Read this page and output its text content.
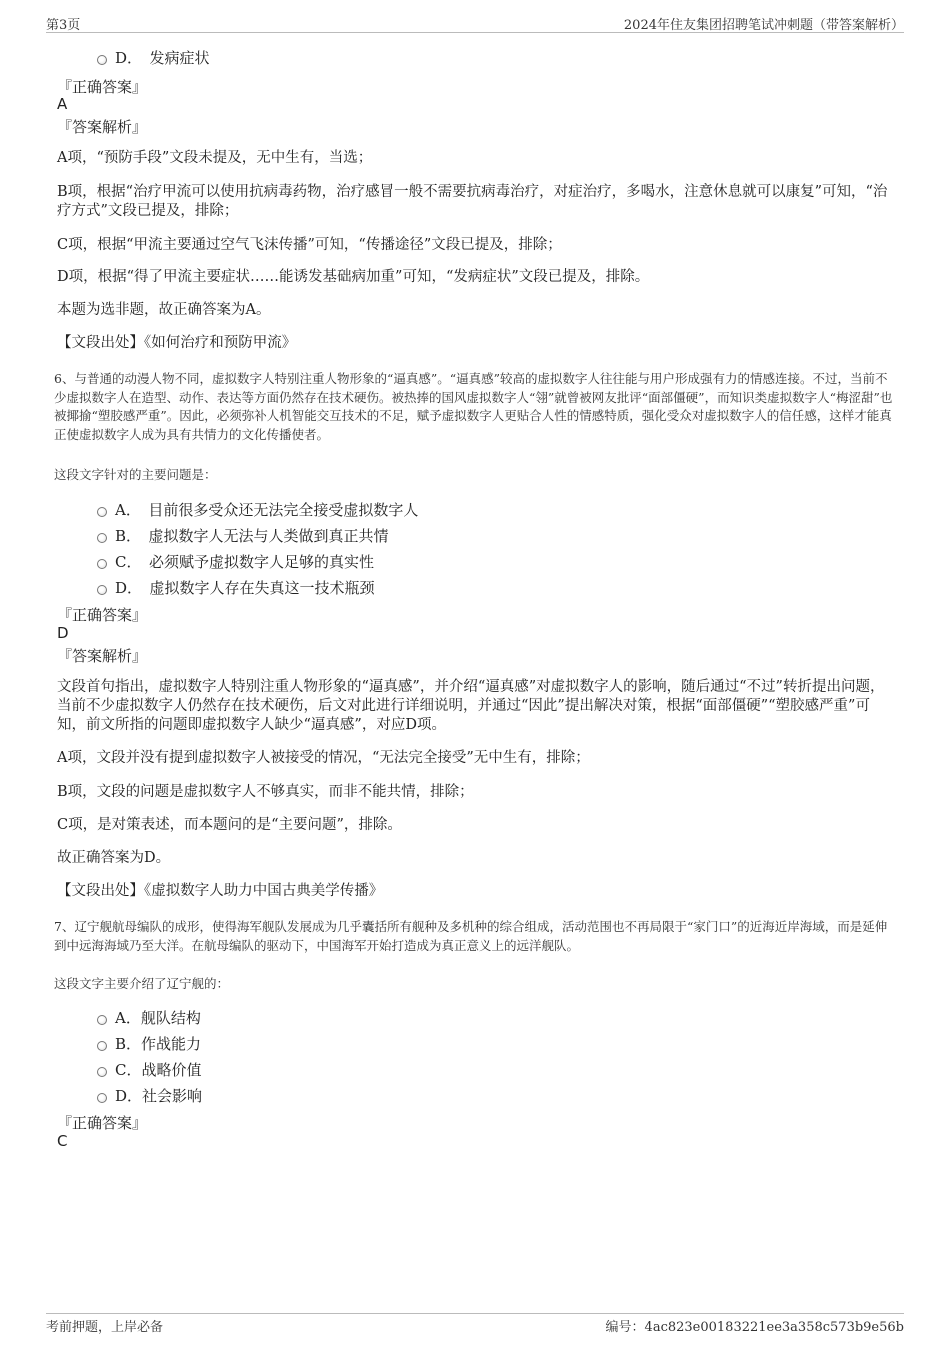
第3页	2024年住友集团招聘笔试冲刺题（带答案解析）
D．　发病症状
『正确答案』
A
『答案解析』
A项，“预防手段”文段未提及，无中生有，当选；
B项，根据“治疗甲流可以使用抗病毒药物，治疗感冒一般不需要抗病毒治疗，对症治疗，多喝水，注意休息就可以康复”可知，“治疗方式”文段已提及，排除；
C项，根据“甲流主要通过空气飞沫传播”可知，“传播途径”文段已提及，排除；
D项，根据“得了甲流主要症状……能诱发基础病加重”可知，“发病症状”文段已提及，排除。
本题为选非题，故正确答案为A。
【文段出处】《如何治疗和预防甲流》
6、与普通的动漫人物不同，虚拟数字人特别注重人物形象的“逼真感”。“逼真感”较高的虚拟数字人往往能与用户形成强有力的情感连接。不过，当前不少虚拟数字人在造型、动作、表达等方面仍然存在技术硬伤。被热捧的国风虚拟数字人“翎”就曾被网友批评“面部僵硬”，而知识类虚拟数字人“梅涩甜”也被揶揄“塑胶感严重”。因此，必须弥补人机智能交互技术的不足，赋予虚拟数字人更贴合人性的情感特质，强化受众对虚拟数字人的信任感，这样才能真正使虚拟数字人成为具有共情力的文化传播使者。
这段文字针对的主要问题是：
A．　目前很多受众还无法完全接受虚拟数字人
B．　虚拟数字人无法与人类做到真正共情
C．　必须赋予虚拟数字人足够的真实性
D．　虚拟数字人存在失真这一技术瓶颈
『正确答案』
D
『答案解析』
文段首句指出，虚拟数字人特别注重人物形象的“逼真感”，并介绍“逼真感”对虚拟数字人的影响，随后通过“不过”转折提出问题，当前不少虚拟数字人仍然存在技术硬伤，后文对此进行详细说明，并通过“因此”提出解决对策，根据“面部僵硬”“塑胶感严重”可知，前文所指的问题即虚拟数字人缺少“逼真感”，对应D项。
A项，文段并没有提到虚拟数字人被接受的情况，“无法完全接受”无中生有，排除；
B项，文段的问题是虚拟数字人不够真实，而非不能共情，排除；
C项，是对策表述，而本题问的是“主要问题”，排除。
故正确答案为D。
【文段出处】《虚拟数字人助力中国古典美学传播》
7、辽宁舰航母编队的成形，使得海军舰队发展成为几乎囊括所有舰种及多机种的综合组成，活动范围也不再局限于“家门口”的近海近岸海域，而是延伸到中远海海域乃至大洋。在航母编队的驱动下，中国海军开始打造成为真正意义上的远洋舰队。
这段文字主要介绍了辽宁舰的：
A．舰队结构
B．作战能力
C．战略价值
D．社会影响
『正确答案』
C
考前押题，上岸必备	编号：4ac823e00183221ee3a358c573b9e56b
